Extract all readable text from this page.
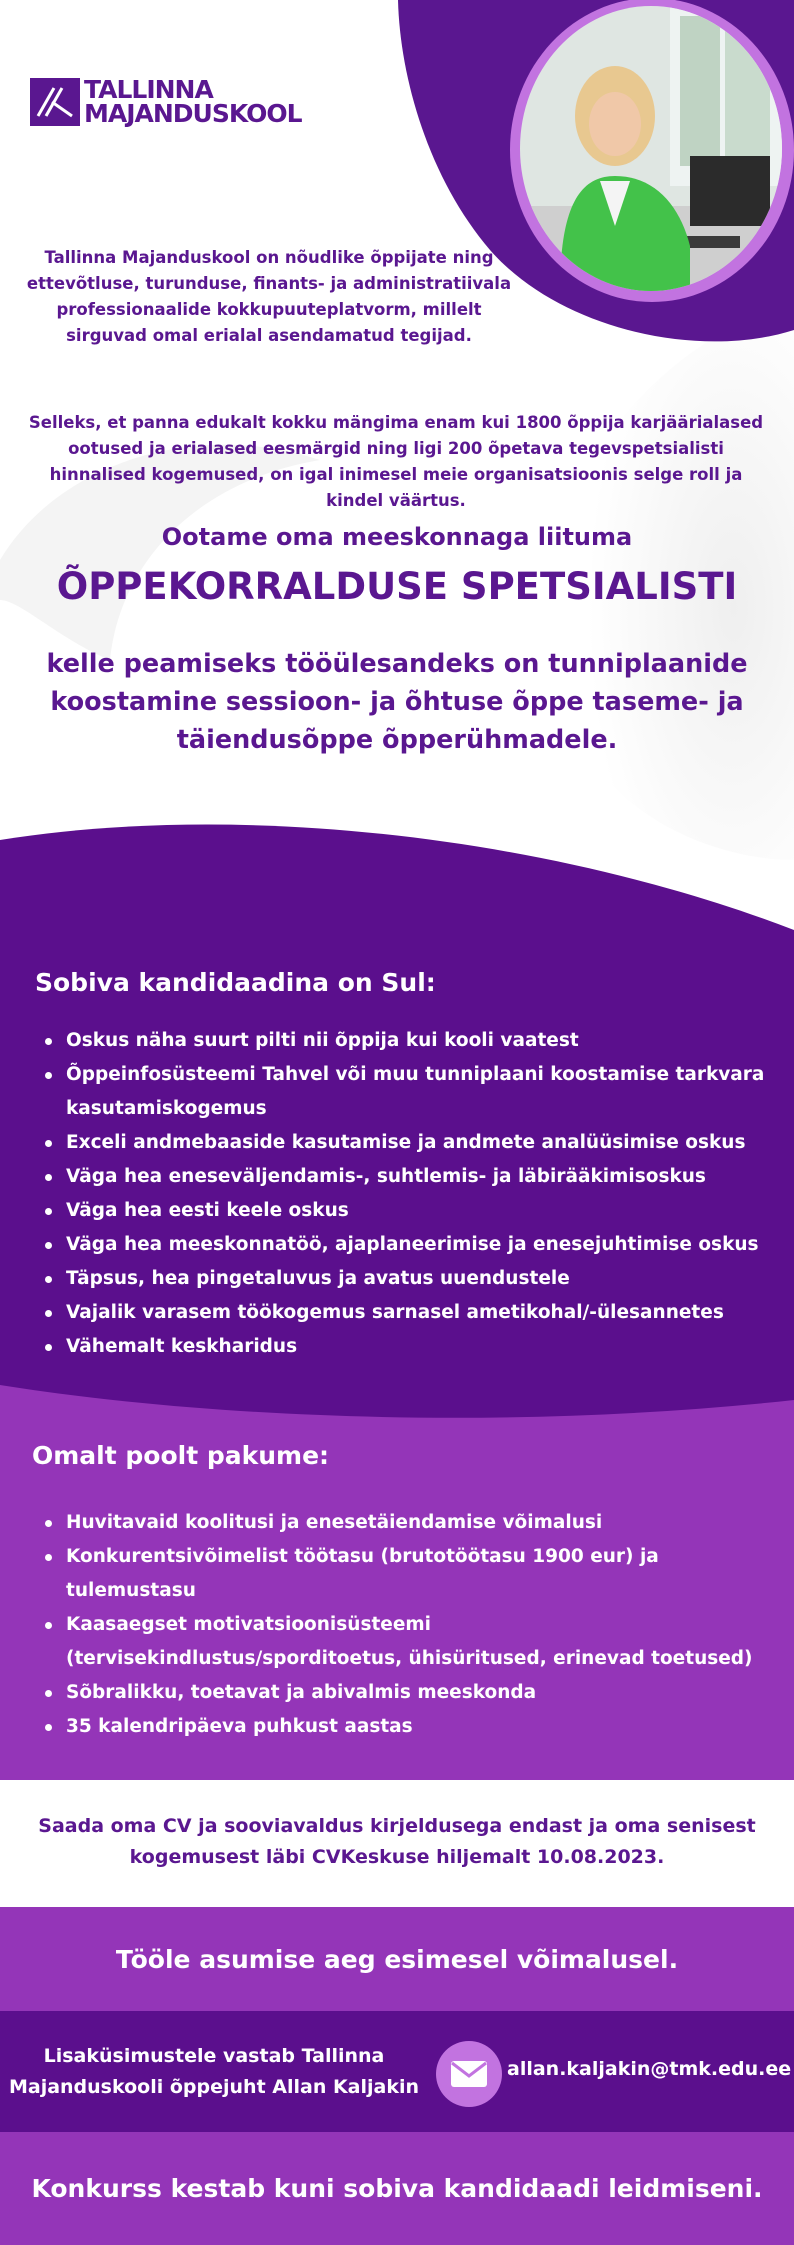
TALLINNA
MAJANDUSKOOL
Tallinna Majanduskool on nõudlike õppijate ning ettevõtluse, turunduse, finants- ja administratiivala professionaalide kokkupuuteplatvorm, millelt sirguvad omal erialal asendamatud tegijad.
Selleks, et panna edukalt kokku mängima enam kui 1800 õppija karjäärialased ootused ja erialased eesmärgid ning ligi 200 õpetava tegevspetsialisti hinnalised kogemused, on igal inimesel meie organisatsioonis selge roll ja kindel väärtus.
Ootame oma meeskonnaga liituma
ÕPPEKORRALDUSE SPETSIALISTI
kelle peamiseks tööülesandeks on tunniplaanide koostamine sessioon- ja õhtuse õppe taseme- ja täiendusõppe õpperühmadele.
Sobiva kandidaadina on Sul:
Oskus näha suurt pilti nii õppija kui kooli vaatest
Õppeinfosüsteemi Tahvel või muu tunniplaani koostamise tarkvara kasutamiskogemus
Exceli andmebaaside kasutamise ja andmete analüüsimise oskus
Väga hea eneseväljendamis-, suhtlemis- ja läbirääkimisoskus
Väga hea eesti keele oskus
Väga hea meeskonnatöö, ajaplaneerimise ja enesejuhtimise oskus
Täpsus, hea pingetaluvus ja avatus uuendustele
Vajalik varasem töökogemus sarnasel ametikohal/-ülesannetes
Vähemalt keskharidus
Omalt poolt pakume:
Huvitavaid koolitusi ja enesetäiendamise võimalusi
Konkurentsivõimelist töötasu (brutotöötasu 1900 eur) ja tulemustasu
Kaasaegset motivatsioonisüsteemi (tervisekindlustus/sporditoetus, ühisüritused, erinevad toetused)
Sõbralikku, toetavat ja abivalmis meeskonda
35 kalendripäeva puhkust aastas
Saada oma CV ja sooviavaldus kirjeldusega endast ja oma senisest kogemusest läbi CVKeskuse hiljemalt 10.08.2023.
Tööle asumise aeg esimesel võimalusel.
Lisaküsimustele vastab Tallinna Majanduskooli õppejuht Allan Kaljakin
allan.kaljakin@tmk.edu.ee
Konkurss kestab kuni sobiva kandidaadi leidmiseni.
